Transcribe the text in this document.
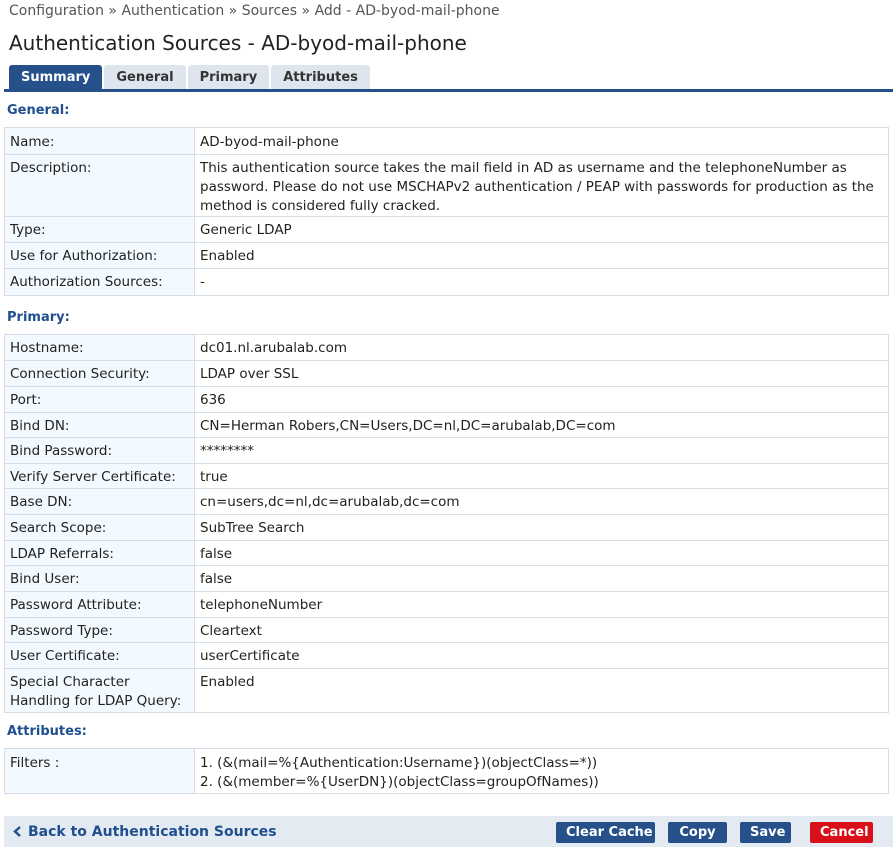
Configuration » Authentication » Sources » Add - AD-byod-mail-phone
Authentication Sources - AD-byod-mail-phone
Summary	General	Primary	Attributes
General:
Name:	AD-byod-mail-phone
Description:	This authentication source takes the mail field in AD as username and the telephoneNumber as password. Please do not use MSCHAPv2 authentication / PEAP with passwords for production as the method is considered fully cracked.
Type:	Generic LDAP
Use for Authorization:	Enabled
Authorization Sources:	-
Primary:
Hostname:	dc01.nl.arubalab.com
Connection Security:	LDAP over SSL
Port:	636
Bind DN:	CN=Herman Robers,CN=Users,DC=nl,DC=arubalab,DC=com
Bind Password:	********
Verify Server Certificate:	true
Base DN:	cn=users,dc=nl,dc=arubalab,dc=com
Search Scope:	SubTree Search
LDAP Referrals:	false
Bind User:	false
Password Attribute:	telephoneNumber
Password Type:	Cleartext
User Certificate:	userCertificate
Special Character Handling for LDAP Query:	Enabled
Attributes:
Filters :	1. (&(mail=%{Authentication:Username})(objectClass=*))
2. (&(member=%{UserDN})(objectClass=groupOfNames))
Back to Authentication Sources	Clear Cache	Copy	Save	Cancel
